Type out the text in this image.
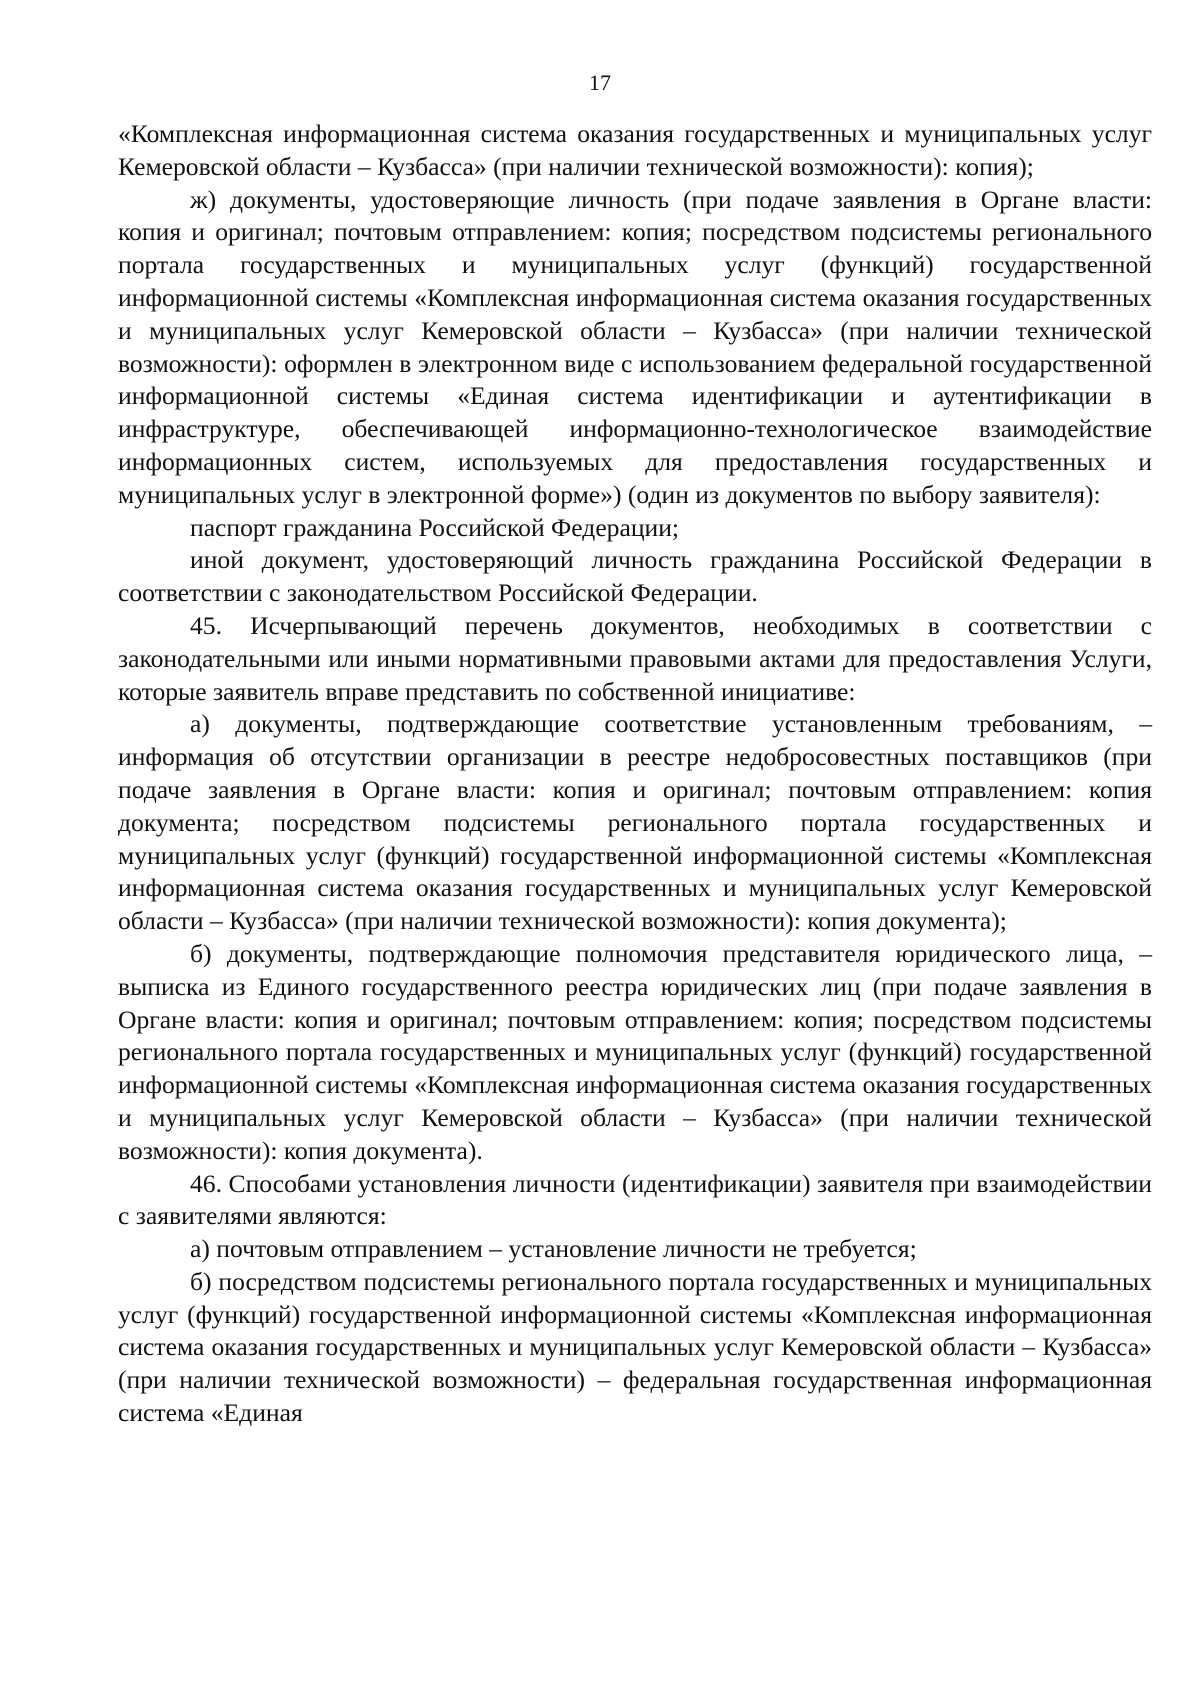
17

«Комплексная информационная система оказания государственных и муниципальных услуг Кемеровской области – Кузбасса» (при наличии технической возможности): копия);

ж) документы, удостоверяющие личность (при подаче заявления в Органе власти: копия и оригинал; почтовым отправлением: копия; посредством подсистемы регионального портала государственных и муниципальных услуг (функций) государственной информационной системы «Комплексная информационная система оказания государственных и муниципальных услуг Кемеровской области – Кузбасса» (при наличии технической возможности): оформлен в электронном виде с использованием федеральной государственной информационной системы «Единая система идентификации и аутентификации в инфраструктуре, обеспечивающей информационно-технологическое взаимодействие информационных систем, используемых для предоставления государственных и муниципальных услуг в электронной форме») (один из документов по выбору заявителя):

паспорт гражданина Российской Федерации;

иной документ, удостоверяющий личность гражданина Российской Федерации в соответствии с законодательством Российской Федерации.

45. Исчерпывающий перечень документов, необходимых в соответствии с законодательными или иными нормативными правовыми актами для предоставления Услуги, которые заявитель вправе представить по собственной инициативе:

а) документы, подтверждающие соответствие установленным требованиям, – информация об отсутствии организации в реестре недобросовестных поставщиков (при подаче заявления в Органе власти: копия и оригинал; почтовым отправлением: копия документа; посредством подсистемы регионального портала государственных и муниципальных услуг (функций) государственной информационной системы «Комплексная информационная система оказания государственных и муниципальных услуг Кемеровской области – Кузбасса» (при наличии технической возможности): копия документа);

б) документы, подтверждающие полномочия представителя юридического лица, – выписка из Единого государственного реестра юридических лиц (при подаче заявления в Органе власти: копия и оригинал; почтовым отправлением: копия; посредством подсистемы регионального портала государственных и муниципальных услуг (функций) государственной информационной системы «Комплексная информационная система оказания государственных и муниципальных услуг Кемеровской области – Кузбасса» (при наличии технической возможности): копия документа).

46. Способами установления личности (идентификации) заявителя при взаимодействии с заявителями являются:

а) почтовым отправлением – установление личности не требуется;

б) посредством подсистемы регионального портала государственных и муниципальных услуг (функций) государственной информационной системы «Комплексная информационная система оказания государственных и муниципальных услуг Кемеровской области – Кузбасса» (при наличии технической возможности) – федеральная государственная информационная система «Единая
